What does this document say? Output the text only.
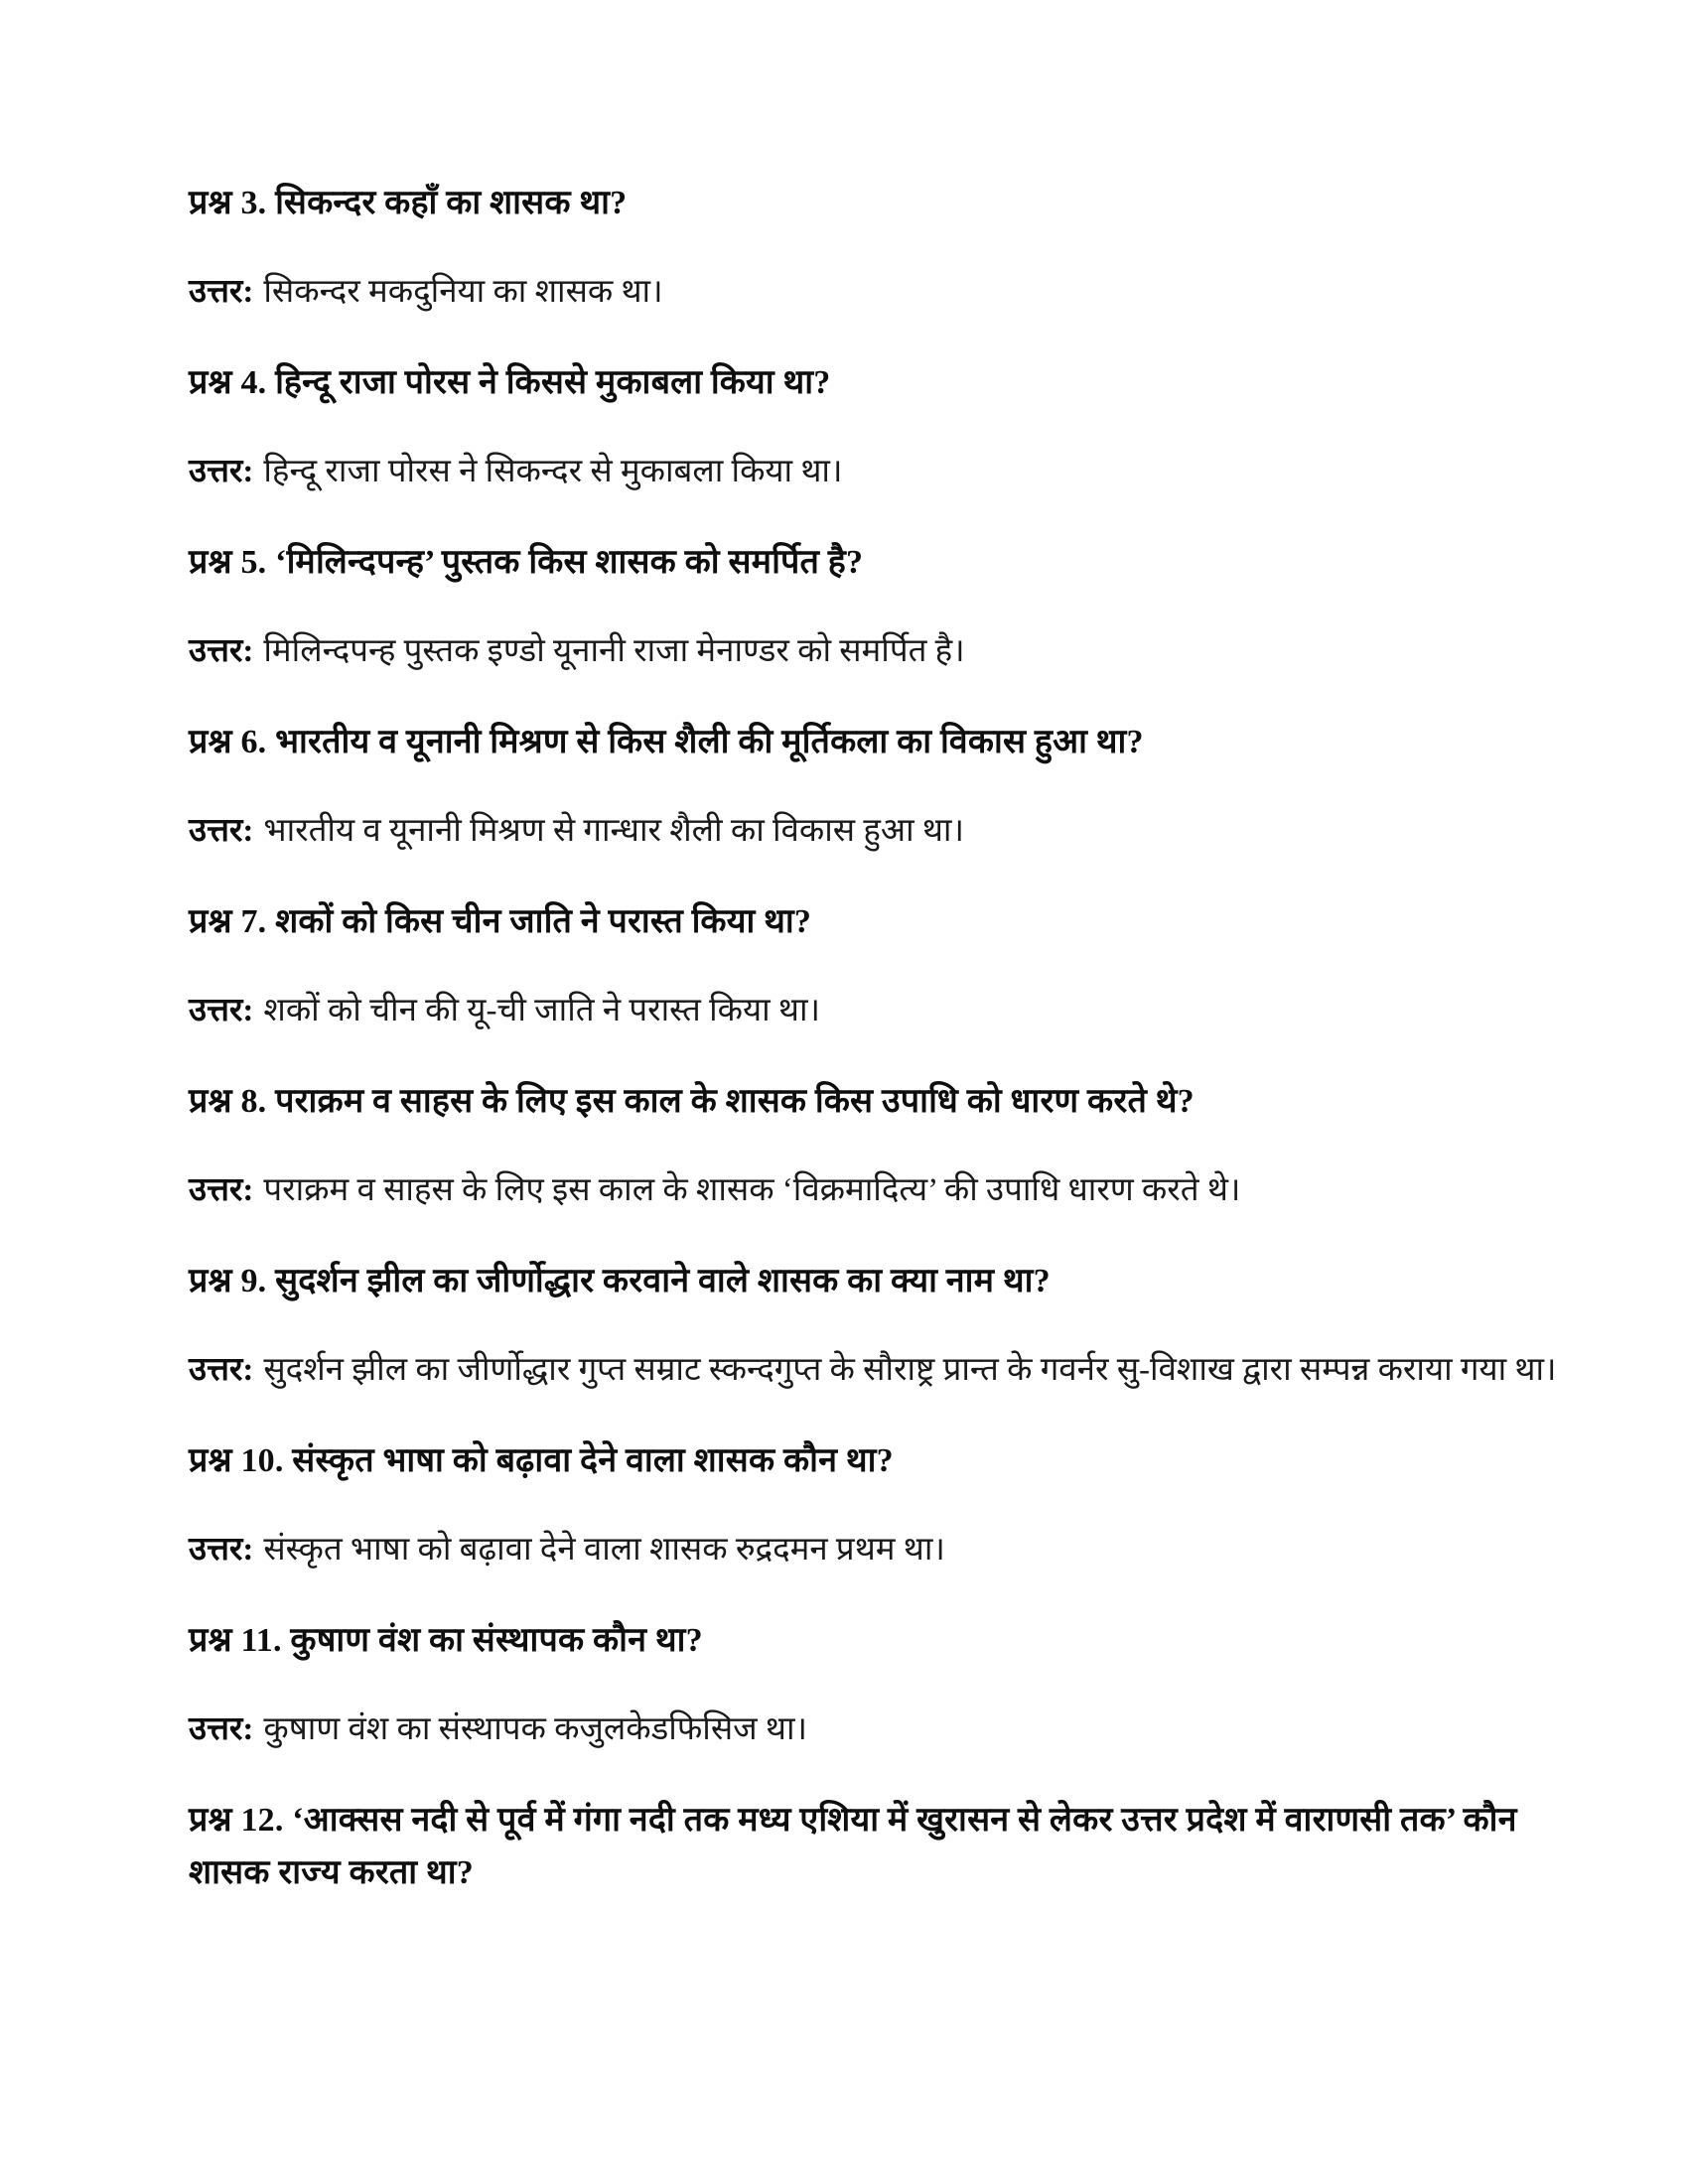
प्रश्न 3. सिकन्दर कहाँ का शासक था?

उत्तर: सिकन्दर मकदुनिया का शासक था।

प्रश्न 4. हिन्दू राजा पोरस ने किससे मुकाबला किया था?

उत्तर: हिन्दू राजा पोरस ने सिकन्दर से मुकाबला किया था।

प्रश्न 5. ‘मिलिन्दपन्ह’ पुस्तक किस शासक को समर्पित है?

उत्तर: मिलिन्दपन्ह पुस्तक इण्डो यूनानी राजा मेनाण्डर को समर्पित है।

प्रश्न 6. भारतीय व यूनानी मिश्रण से किस शैली की मूर्तिकला का विकास हुआ था?

उत्तर: भारतीय व यूनानी मिश्रण से गान्धार शैली का विकास हुआ था।

प्रश्न 7. शकों को किस चीन जाति ने परास्त किया था?

उत्तर: शकों को चीन की यू-ची जाति ने परास्त किया था।

प्रश्न 8. पराक्रम व साहस के लिए इस काल के शासक किस उपाधि को धारण करते थे?

उत्तर: पराक्रम व साहस के लिए इस काल के शासक ‘विक्रमादित्य’ की उपाधि धारण करते थे।

प्रश्न 9. सुदर्शन झील का जीर्णोद्धार करवाने वाले शासक का क्या नाम था?

उत्तर: सुदर्शन झील का जीर्णोद्धार गुप्त सम्राट स्कन्दगुप्त के सौराष्ट्र प्रान्त के गवर्नर सु-विशाख द्वारा सम्पन्न कराया गया था।

प्रश्न 10. संस्कृत भाषा को बढ़ावा देने वाला शासक कौन था?

उत्तर: संस्कृत भाषा को बढ़ावा देने वाला शासक रुद्रदमन प्रथम था।

प्रश्न 11. कुषाण वंश का संस्थापक कौन था?

उत्तर: कुषाण वंश का संस्थापक कजुलकेडफिसिज था।

प्रश्न 12. ‘आक्सस नदी से पूर्व में गंगा नदी तक मध्य एशिया में खुरासन से लेकर उत्तर प्रदेश में वाराणसी तक’ कौन शासक राज्य करता था?
